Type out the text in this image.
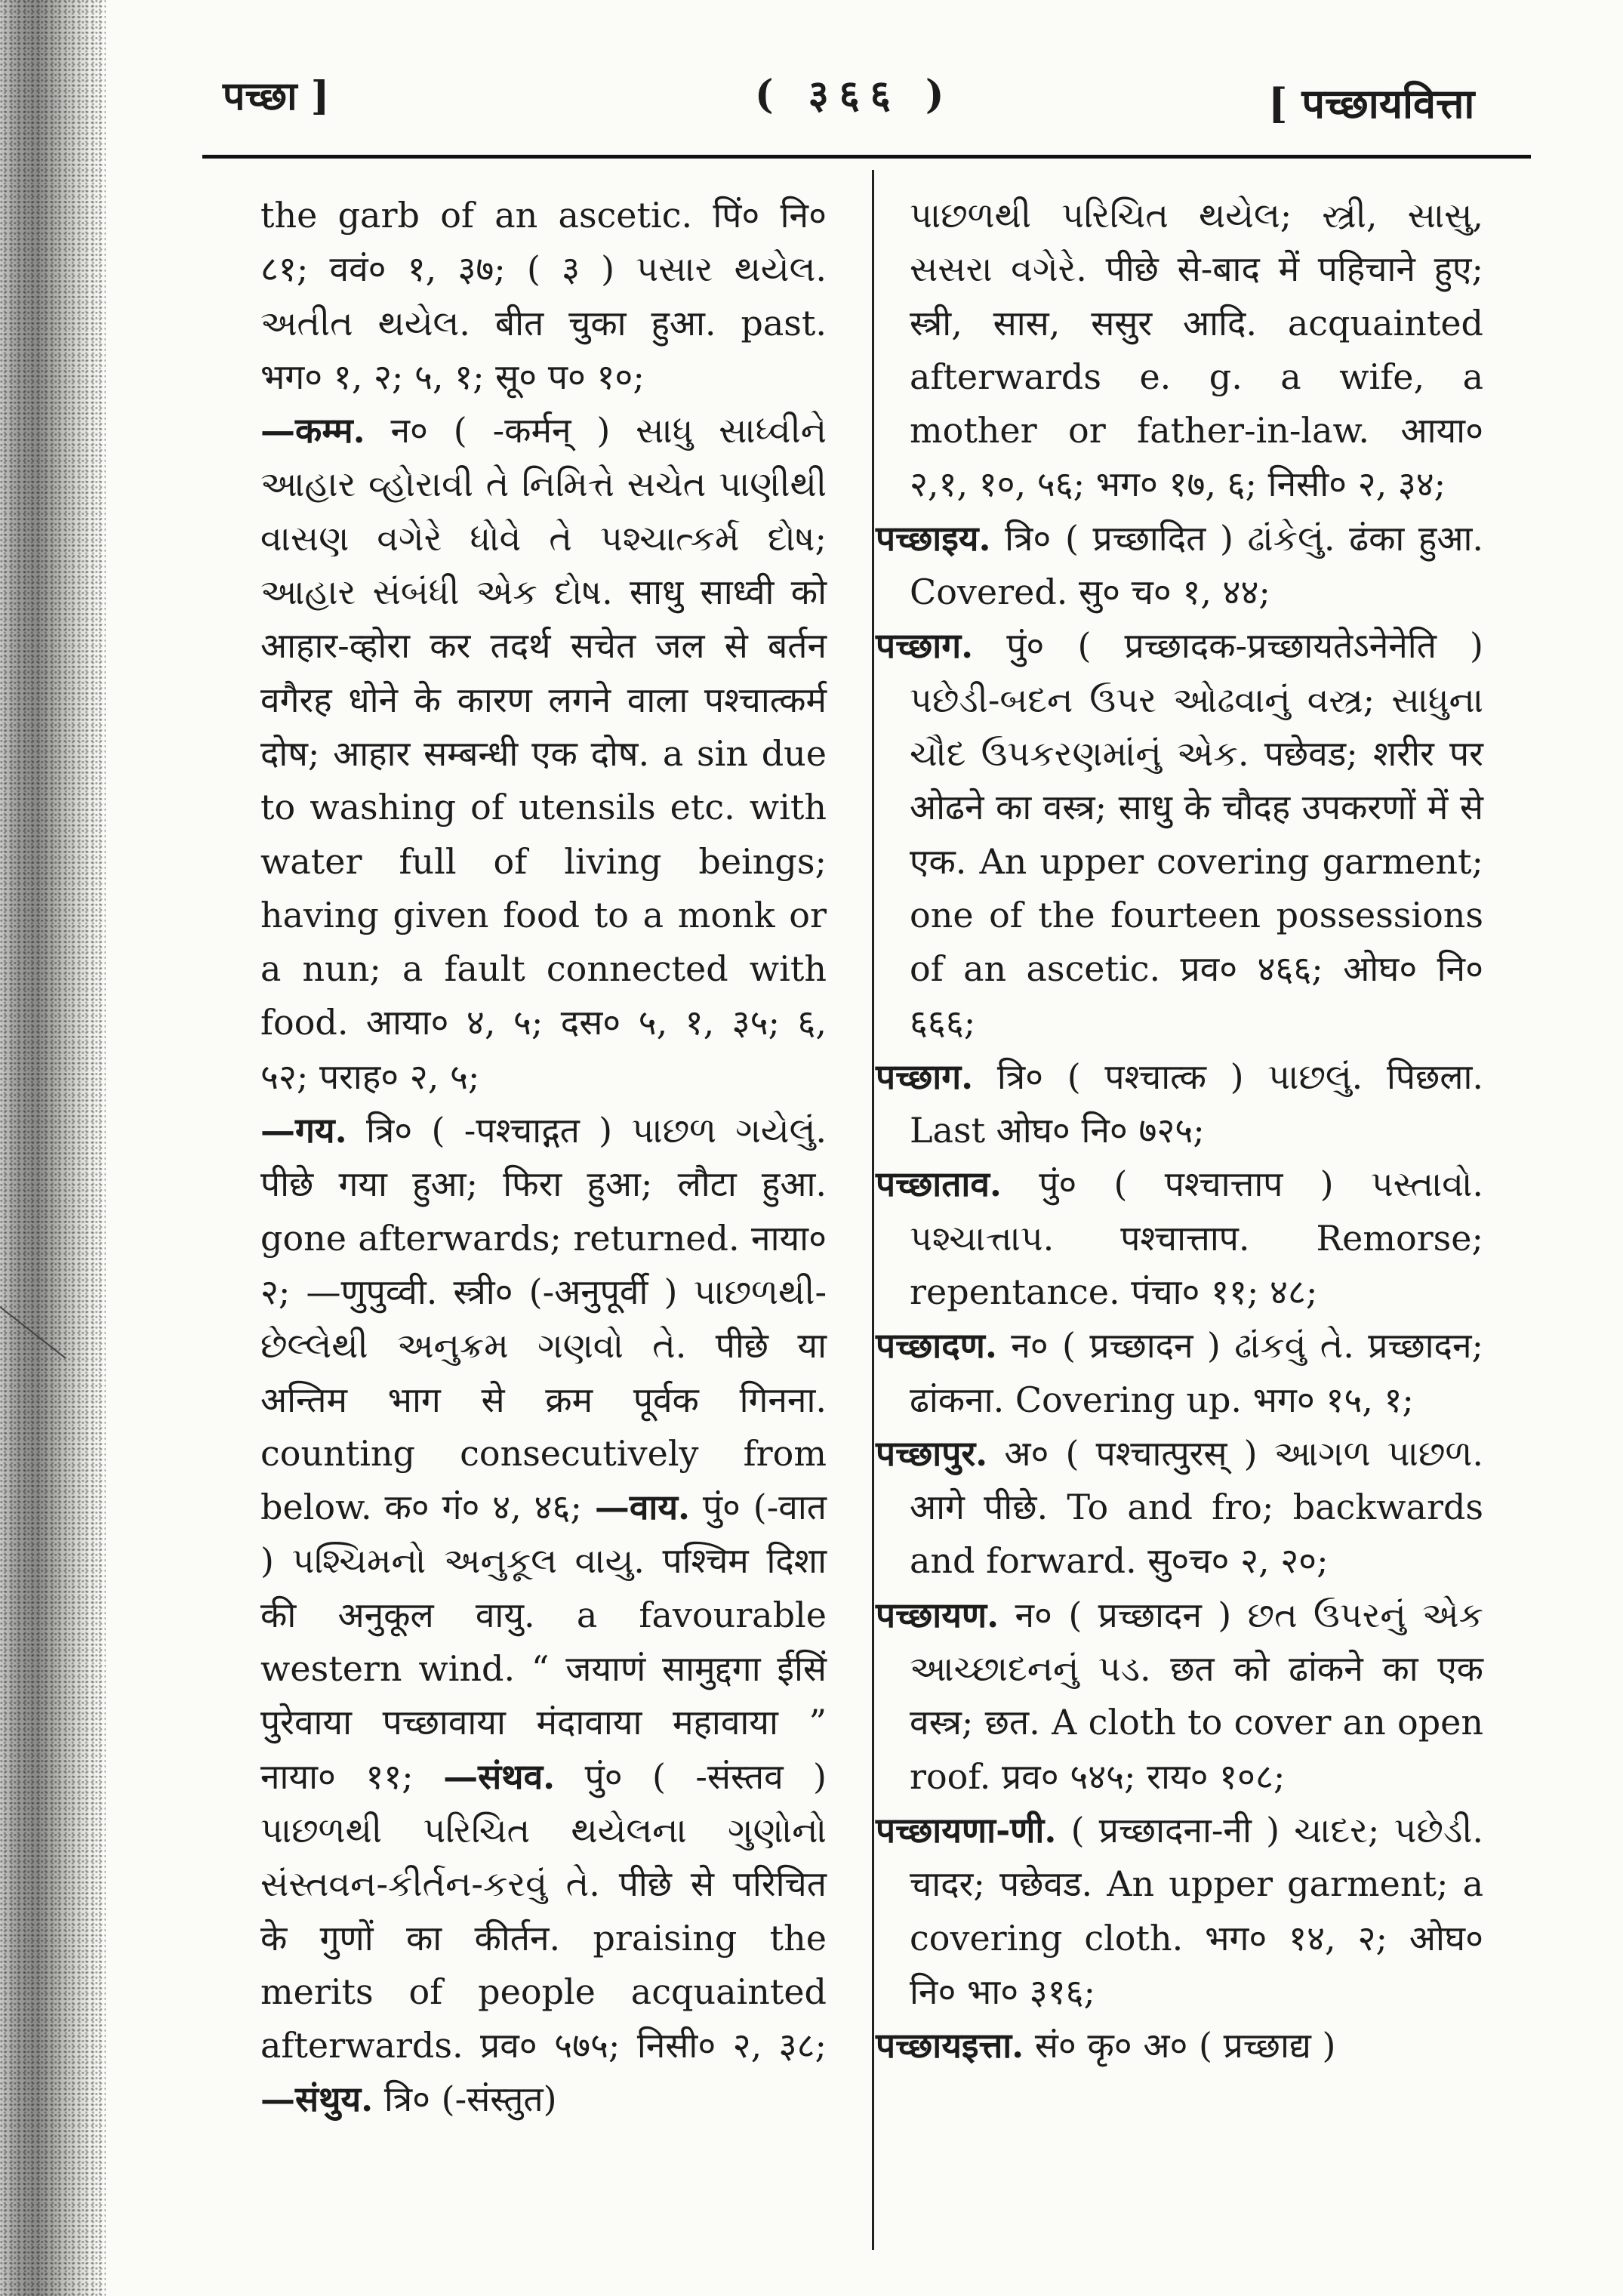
पच्छा ]	( ३६६ )	[ पच्छायवित्ता

the garb of an ascetic. पिं० नि० ८१; ववं० १, ३७; ( ३ ) પસાર થયેલ. અતીત થયેલ. बीत चुका हुआ. past. भग० १, २; ५, १; सू० प० १०;

—कम्म. न० ( -कर्मन् ) સાધુ સાધ્વીને આહાર વ્હોરાવી તે નિમિત્તે સચેત પાણીથી વાસણ વગેરે ધોવે તે પશ્ચાત્કર્મ દોષ; આહાર સંબંધી એક દોષ. साधु साध्वी को आहार-व्होरा कर तदर्थ सचेत जल से बर्तन वगैरह धोने के कारण लगने वाला पश्चात्कर्म दोष; आहार सम्बन्धी एक दोष. a sin due to washing of utensils etc. with water full of living beings; having given food to a monk or a nun; a fault connected with food. आया० ४, ५; दस० ५, १, ३५; ६, ५२; पराह० २, ५;

—गय. त्रि० ( -पश्चाद्गत ) પાછળ ગયેલું. पीछे गया हुआ; फिरा हुआ; लौटा हुआ. gone afterwards; returned. नाया० २; —णुपुव्वी. स्त्री० (-अनुपूर्वी ) પાછળથી-છેલ્લેથી અનુક્રમ ગણવો તે. पीछे या अन्तिम भाग से क्रम पूर्वक गिनना. counting consecutively from below. क० गं० ४, ४६; —वाय. पुं० (-वात ) પશ્ચિમનો અનુકૂલ વાયુ. पश्चिम दिशा की अनुकूल वायु. a favourable western wind. “ जयाणं सामुद्दगा ईसिं पुरेवाया पच्छावाया मंदावाया महावाया ” नाया० ११; —संथव. पुं० ( -संस्तव ) પાછળથી પરિચિત થયેલના ગુણોનો સંસ્તવન-કીર્તન-કરવું તે. पीछे से परिचित के गुणों का कीर्तन. praising the merits of people acquainted afterwards. प्रव० ५७५; निसी० २, ३८; —संथुय. त्रि० (-संस्तुत)

પાછળથી પરિચિત થયેલ; સ્ત્રી, સાસુ, સસરા વગેરે. पीछे से-बाद में पहिचाने हुए; स्त्री, सास, ससुर आदि. acquainted afterwards e. g. a wife, a mother or father-in-law. आया० २,१, १०, ५६; भग० १७, ६; निसी० २, ३४;

पच्छाइय. त्रि० ( प्रच्छादित ) ઢાંકેલું. ढंका हुआ. Covered. सु० च० १, ४४;

पच्छाग. पुं० ( प्रच्छादक-प्रच्छायतेऽनेनेति ) પછેડી-બદન ઉપર ઓઢવાનું વસ્ત્ર; સાધુના ચૌદ ઉપકરણમાંનું એક. पछेवड; शरीर पर ओढने का वस्त्र; साधु के चौदह उपकरणों में से एक. An upper covering garment; one of the fourteen possessions of an ascetic. प्रव० ४६६; ओघ० नि० ६६६;

पच्छाग. त्रि० ( पश्चात्क ) પાછલું. पिछला. Last ओघ० नि० ७२५;

पच्छाताव. पुं० ( पश्चात्ताप ) પસ્તાવો. પશ્ચાત્તાપ. पश्चात्ताप. Remorse; repentance. पंचा० ११; ४८;

पच्छादण. न० ( प्रच्छादन ) ઢાંકવું તે. प्रच्छादन; ढांकना. Covering up. भग० १५, १;

पच्छापुर. अ० ( पश्चात्पुरस् ) આગળ પાછળ. आगे पीछे. To and fro; backwards and forward. सु०च० २, २०;

पच्छायण. न० ( प्रच्छादन ) છત ઉપરનું એક આચ્છાદનનું પડ. छत को ढांकने का एक वस्त्र; छत. A cloth to cover an open roof. प्रव० ५४५; राय० १०८;

पच्छायणा-णी. ( प्रच्छादना-नी ) ચાદર; પછેડી. चादर; पछेवड. An upper garment; a covering cloth. भग० १४, २; ओघ० नि० भा० ३१६;

पच्छायइत्ता. सं० कृ० अ० ( प्रच्छाद्य )
